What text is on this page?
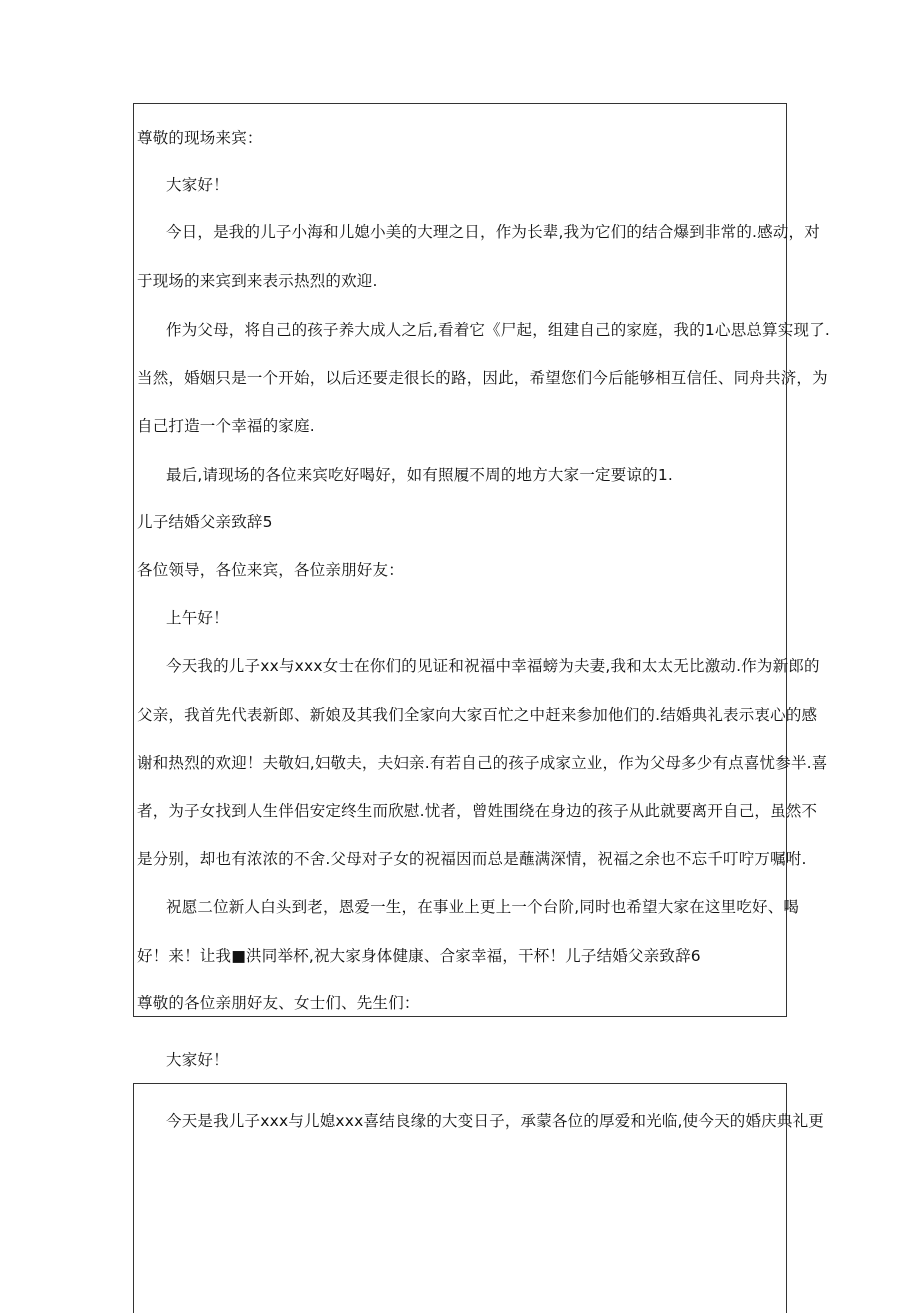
尊敬的现场来宾：
大家好！
今日，是我的儿子小海和儿媳小美的大理之日，作为长辈,我为它们的结合爆到非常的.感动，对
于现场的来宾到来表示热烈的欢迎.
作为父母，将自己的孩子养大成人之后,看着它《尸起，组建自己的家庭，我的1心思总算实现了.
当然，婚姻只是一个开始，以后还要走很长的路，因此，希望您们今后能够相互信任、同舟共济，为
自己打造一个幸福的家庭.
最后,请现场的各位来宾吃好喝好，如有照履不周的地方大家一定要谅的1.
儿子结婚父亲致辞5
各位领导，各位来宾，各位亲朋好友：
上午好！
今天我的儿子xx与xxx女士在你们的见证和祝福中幸福螃为夫妻,我和太太无比激动.作为新郎的
父亲，我首先代表新郎、新娘及其我们全家向大家百忙之中赶来参加他们的.结婚典礼表示衷心的感
谢和热烈的欢迎！夫敬妇,妇敬夫，夫妇亲.有若自己的孩子成家立业，作为父母多少有点喜忧参半.喜
者，为子女找到人生伴侣安定终生而欣慰.忧者，曾姓围绕在身边的孩子从此就要离开自己，虽然不
是分别，却也有浓浓的不舍.父母对子女的祝福因而总是蘸满深情，祝福之余也不忘千叮咛万嘱咐.
祝愿二位新人白头到老，恩爱一生，在事业上更上一个台阶,同时也希望大家在这里吃好、喝
好！来！让我■洪同举杯,祝大家身体健康、合家幸福，干杯！儿子结婚父亲致辞6
尊敬的各位亲朋好友、女士们、先生们：
大家好！
今天是我儿子xxx与儿媳xxx喜结良缘的大变日子，承蒙各位的厚爱和光临,使今天的婚庆典礼更
